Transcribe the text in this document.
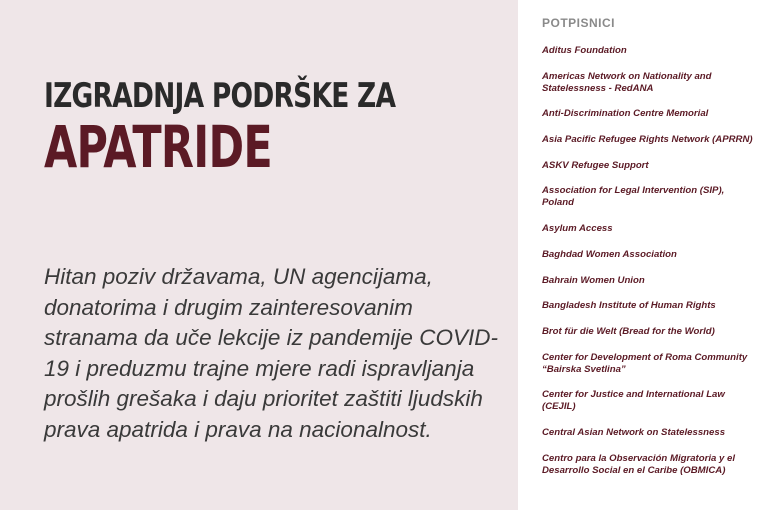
IZGRADNJA PODRŠKE ZA
APATRIDE

Hitan poziv državama, UN agencijama, donatorima i drugim zainteresovanim stranama da uče lekcije iz pandemije COVID-19 i preduzmu trajne mjere radi ispravljanja prošlih grešaka i daju prioritet zaštiti ljudskih prava apatrida i prava na nacionalnost.

POTPISNICI
Aditus Foundation
Americas Network on Nationality and Statelessness - RedANA
Anti-Discrimination Centre Memorial
Asia Pacific Refugee Rights Network (APRRN)
ASKV Refugee Support
Association for Legal Intervention (SIP), Poland
Asylum Access
Baghdad Women Association
Bahrain Women Union
Bangladesh Institute of Human Rights
Brot für die Welt (Bread for the World)
Center for Development of Roma Community “Bairska Svetlina”
Center for Justice and International Law (CEJIL)
Central Asian Network on Statelessness
Centro para la Observación Migratoria y el Desarrollo Social en el Caribe (OBMICA)
